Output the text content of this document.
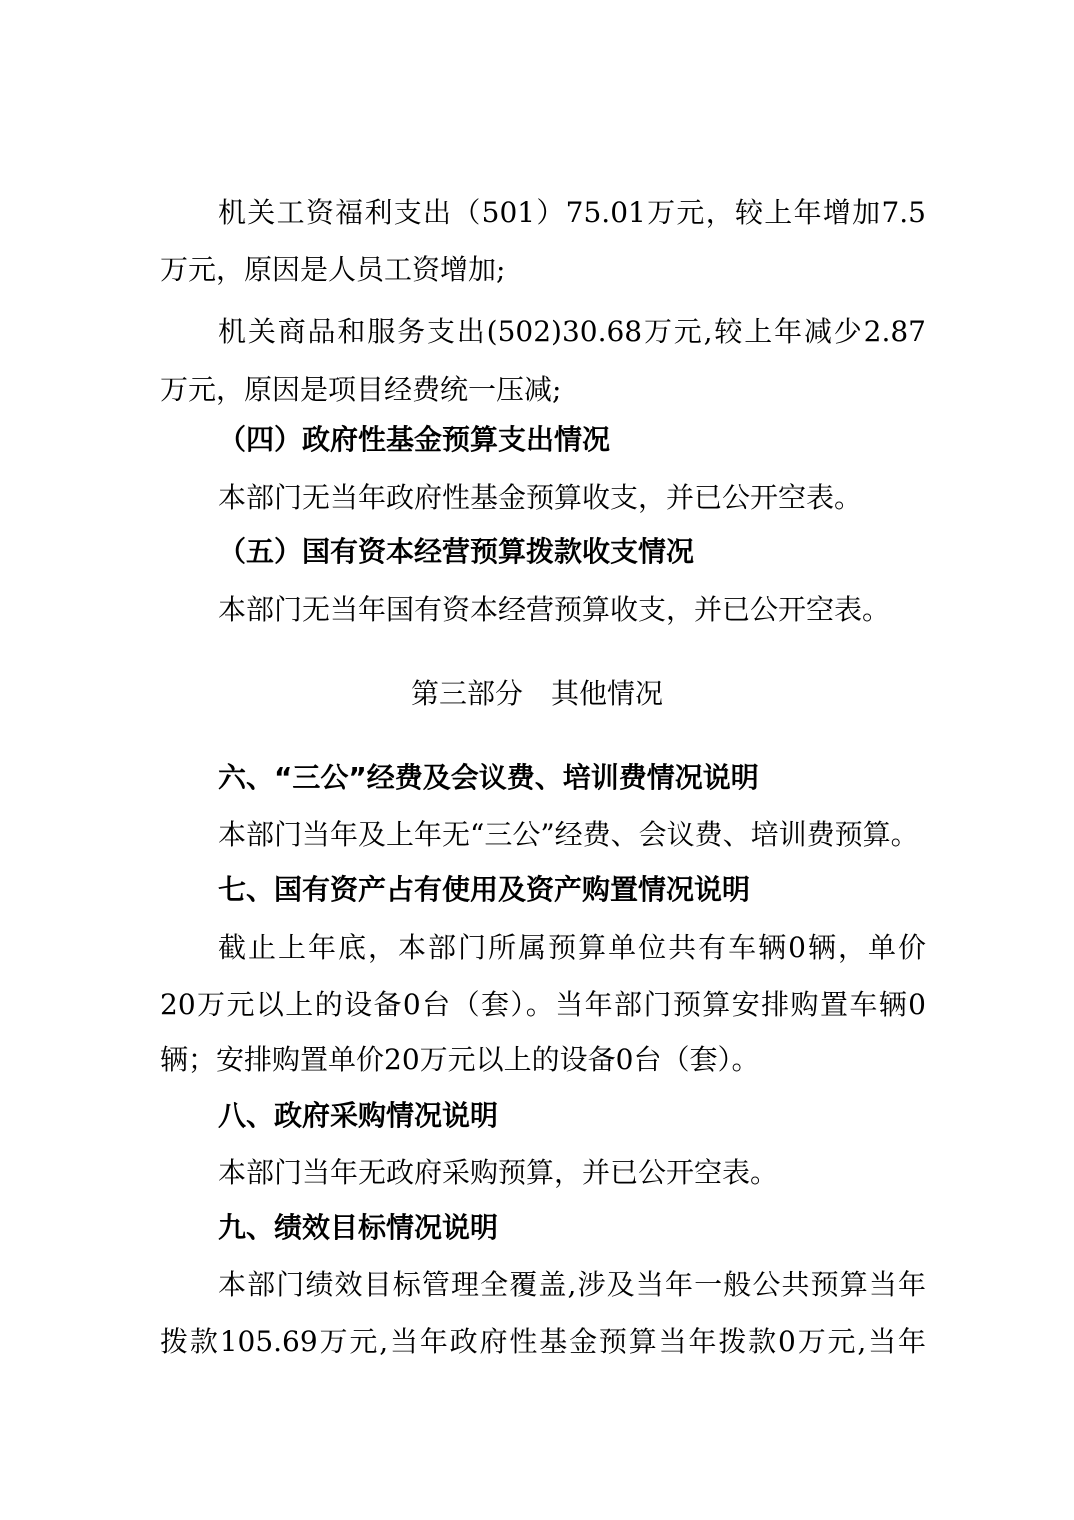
机关工资福利支出（501）75.01万元，较上年增加7.5
万元，原因是人员工资增加;
机关商品和服务支出(502)30.68万元,较上年减少2.87
万元，原因是项目经费统一压减;
（四）政府性基金预算支出情况
本部门无当年政府性基金预算收支，并已公开空表。
（五）国有资本经营预算拨款收支情况
本部门无当年国有资本经营预算收支，并已公开空表。
第三部分　其他情况
六、“三公”经费及会议费、培训费情况说明
本部门当年及上年无“三公”经费、会议费、培训费预算。
七、国有资产占有使用及资产购置情况说明
截止上年底，本部门所属预算单位共有车辆0辆，单价
20万元以上的设备0台（套）。当年部门预算安排购置车辆0
辆；安排购置单价20万元以上的设备0台（套）。
八、政府采购情况说明
本部门当年无政府采购预算，并已公开空表。
九、绩效目标情况说明
本部门绩效目标管理全覆盖,涉及当年一般公共预算当年
拨款105.69万元,当年政府性基金预算当年拨款0万元,当年
